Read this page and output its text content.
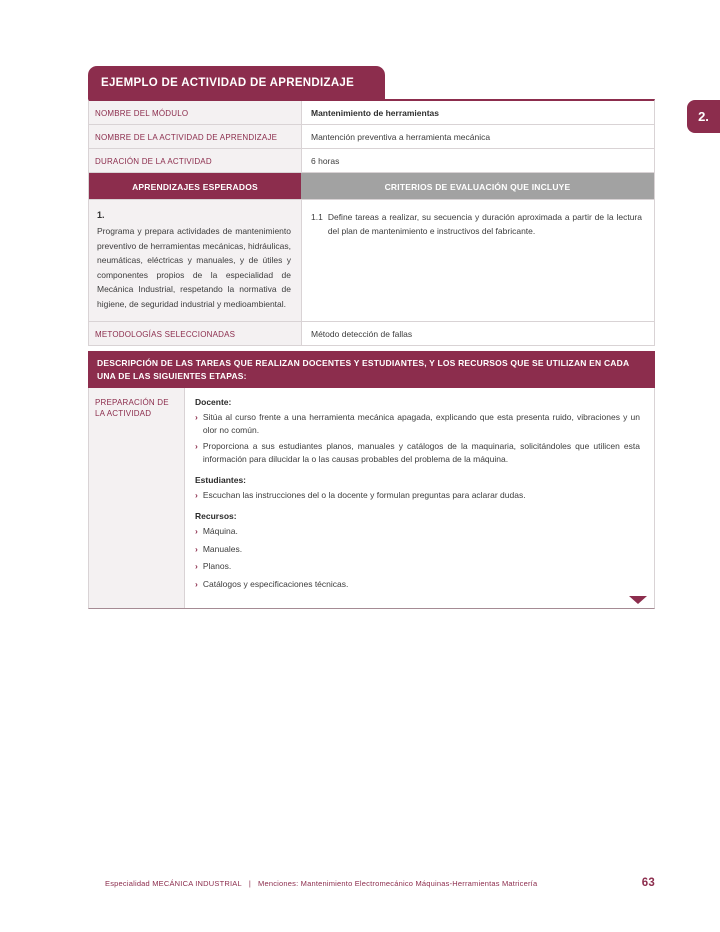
2.
EJEMPLO DE ACTIVIDAD DE APRENDIZAJE
NOMBRE DEL MÓDULO	Mantenimiento de herramientas
NOMBRE DE LA ACTIVIDAD DE APRENDIZAJE	Mantención preventiva a herramienta mecánica
DURACIÓN DE LA ACTIVIDAD	6 horas
APRENDIZAJES ESPERADOS	CRITERIOS DE EVALUACIÓN QUE INCLUYE
1.
Programa y prepara actividades de mantenimiento preventivo de herramientas mecánicas, hidráulicas, neumáticas, eléctricas y manuales, y de útiles y componentes propios de la especialidad de Mecánica Industrial, respetando la normativa de higiene, de seguridad industrial y medioambiental.
1.1 Define tareas a realizar, su secuencia y duración aproximada a partir de la lectura del plan de mantenimiento e instructivos del fabricante.
METODOLOGÍAS SELECCIONADAS	Método detección de fallas
DESCRIPCIÓN DE LAS TAREAS QUE REALIZAN DOCENTES Y ESTUDIANTES, Y LOS RECURSOS QUE SE UTILIZAN EN CADA UNA DE LAS SIGUIENTES ETAPAS:
PREPARACIÓN DE LA ACTIVIDAD
Docente:
› Sitúa al curso frente a una herramienta mecánica apagada, explicando que esta presenta ruido, vibraciones y un olor no común.
› Proporciona a sus estudiantes planos, manuales y catálogos de la maquinaria, solicitándoles que utilicen esta información para dilucidar la o las causas probables del problema de la máquina.
Estudiantes:
› Escuchan las instrucciones del o la docente y formulan preguntas para aclarar dudas.
Recursos:
› Máquina.
› Manuales.
› Planos.
› Catálogos y especificaciones técnicas.
Especialidad MECÁNICA INDUSTRIAL | Menciones: Mantenimiento Electromecánico Máquinas-Herramientas Matricería	63
